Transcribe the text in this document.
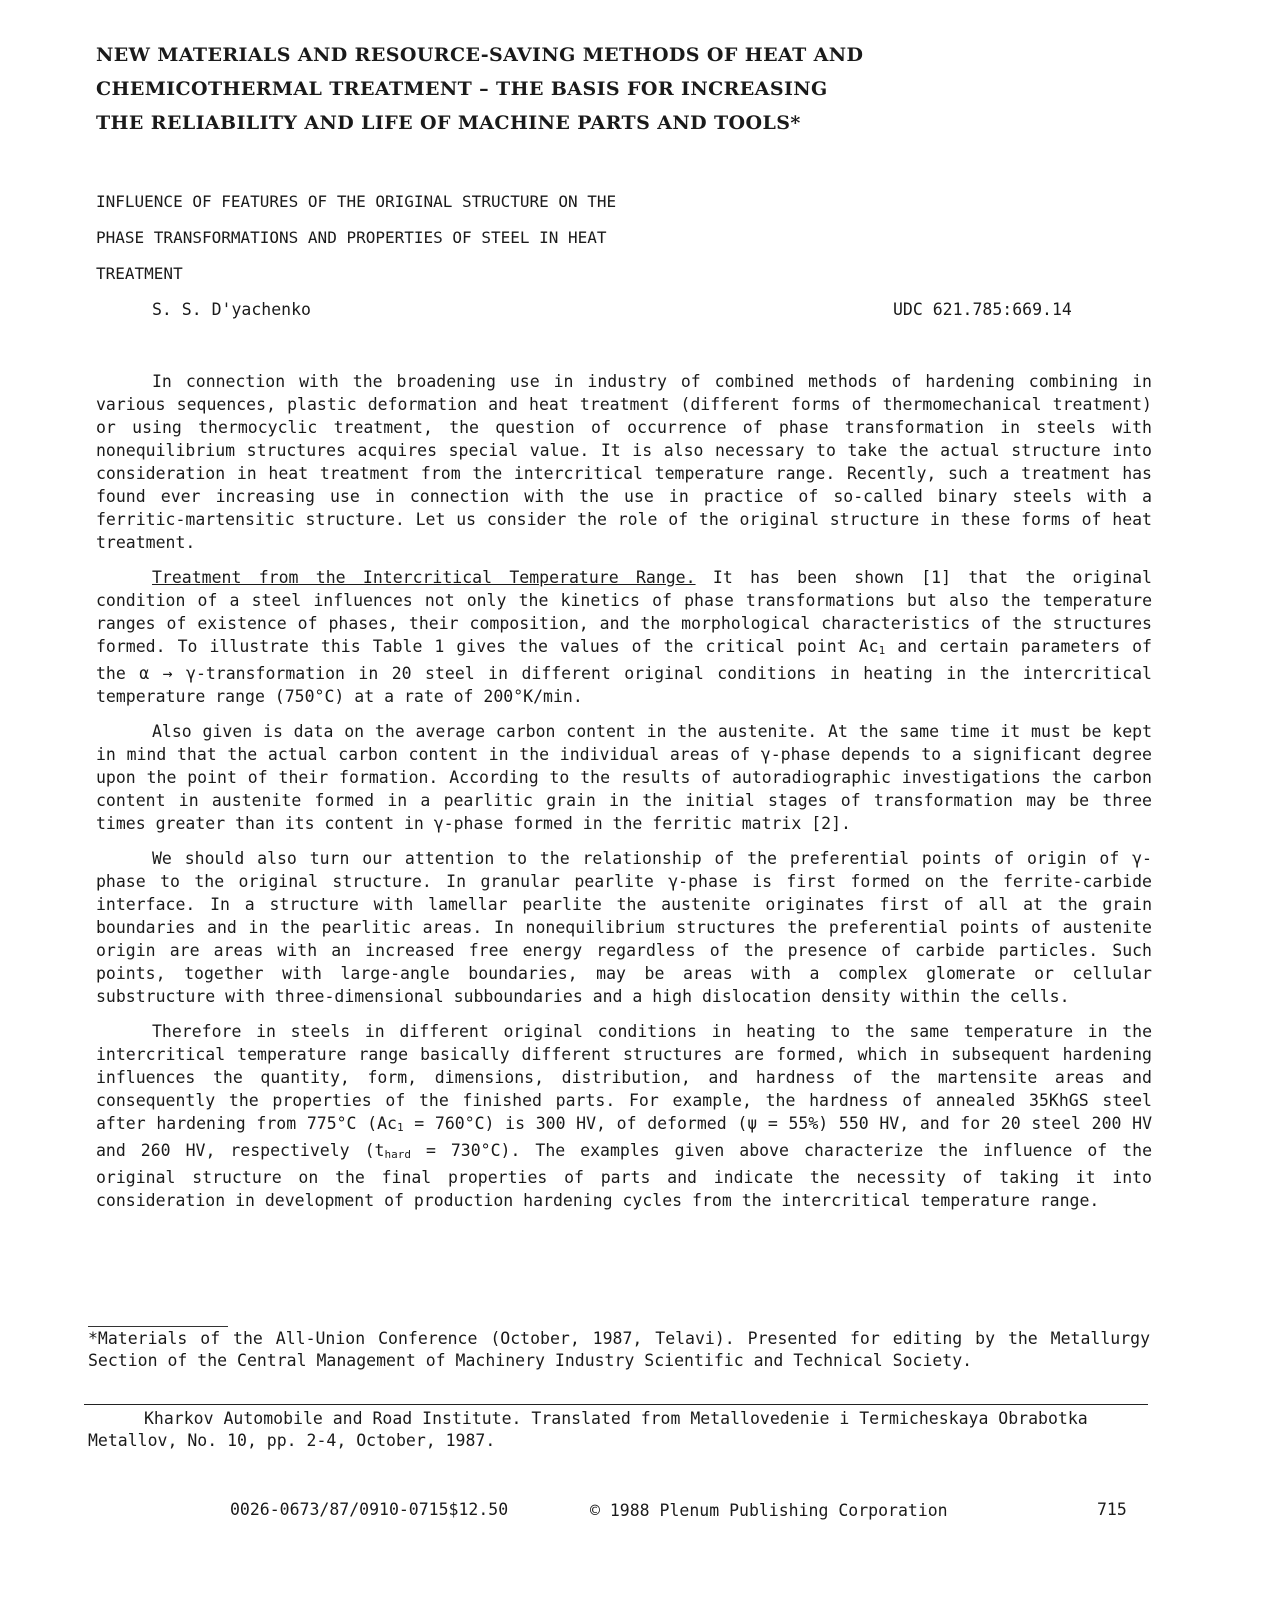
NEW MATERIALS AND RESOURCE-SAVING METHODS OF HEAT AND
CHEMICOTHERMAL TREATMENT – THE BASIS FOR INCREASING
THE RELIABILITY AND LIFE OF MACHINE PARTS AND TOOLS*
INFLUENCE OF FEATURES OF THE ORIGINAL STRUCTURE ON THE
PHASE TRANSFORMATIONS AND PROPERTIES OF STEEL IN HEAT
TREATMENT
S. S. D'yachenko	UDC 621.785:669.14

In connection with the broadening use in industry of combined methods of hardening combining in various sequences, plastic deformation and heat treatment (different forms of thermomechanical treatment) or using thermocyclic treatment, the question of occurrence of phase transformation in steels with nonequilibrium structures acquires special value. It is also necessary to take the actual structure into consideration in heat treatment from the intercritical temperature range. Recently, such a treatment has found ever increasing use in connection with the use in practice of so-called binary steels with a ferritic-martensitic structure. Let us consider the role of the original structure in these forms of heat treatment.

Treatment from the Intercritical Temperature Range. It has been shown [1] that the original condition of a steel influences not only the kinetics of phase transformations but also the temperature ranges of existence of phases, their composition, and the morphological characteristics of the structures formed. To illustrate this Table 1 gives the values of the critical point Ac1 and certain parameters of the α → γ-transformation in 20 steel in different original conditions in heating in the intercritical temperature range (750°C) at a rate of 200°K/min.

Also given is data on the average carbon content in the austenite. At the same time it must be kept in mind that the actual carbon content in the individual areas of γ-phase depends to a significant degree upon the point of their formation. According to the results of autoradiographic investigations the carbon content in austenite formed in a pearlitic grain in the initial stages of transformation may be three times greater than its content in γ-phase formed in the ferritic matrix [2].

We should also turn our attention to the relationship of the preferential points of origin of γ-phase to the original structure. In granular pearlite γ-phase is first formed on the ferrite-carbide interface. In a structure with lamellar pearlite the austenite originates first of all at the grain boundaries and in the pearlitic areas. In nonequilibrium structures the preferential points of austenite origin are areas with an increased free energy regardless of the presence of carbide particles. Such points, together with large-angle boundaries, may be areas with a complex glomerate or cellular substructure with three-dimensional subboundaries and a high dislocation density within the cells.

Therefore in steels in different original conditions in heating to the same temperature in the intercritical temperature range basically different structures are formed, which in subsequent hardening influences the quantity, form, dimensions, distribution, and hardness of the martensite areas and consequently the properties of the finished parts. For example, the hardness of annealed 35KhGS steel after hardening from 775°C (Ac1 = 760°C) is 300 HV, of deformed (ψ = 55%) 550 HV, and for 20 steel 200 HV and 260 HV, respectively (thard = 730°C). The examples given above characterize the influence of the original structure on the final properties of parts and indicate the necessity of taking it into consideration in development of production hardening cycles from the intercritical temperature range.

*Materials of the All-Union Conference (October, 1987, Telavi). Presented for editing by the Metallurgy Section of the Central Management of Machinery Industry Scientific and Technical Society.
Kharkov Automobile and Road Institute. Translated from Metallovedenie i Termicheskaya Obrabotka Metallov, No. 10, pp. 2-4, October, 1987.
0026-0673/87/0910-0715$12.50	© 1988 Plenum Publishing Corporation	715
